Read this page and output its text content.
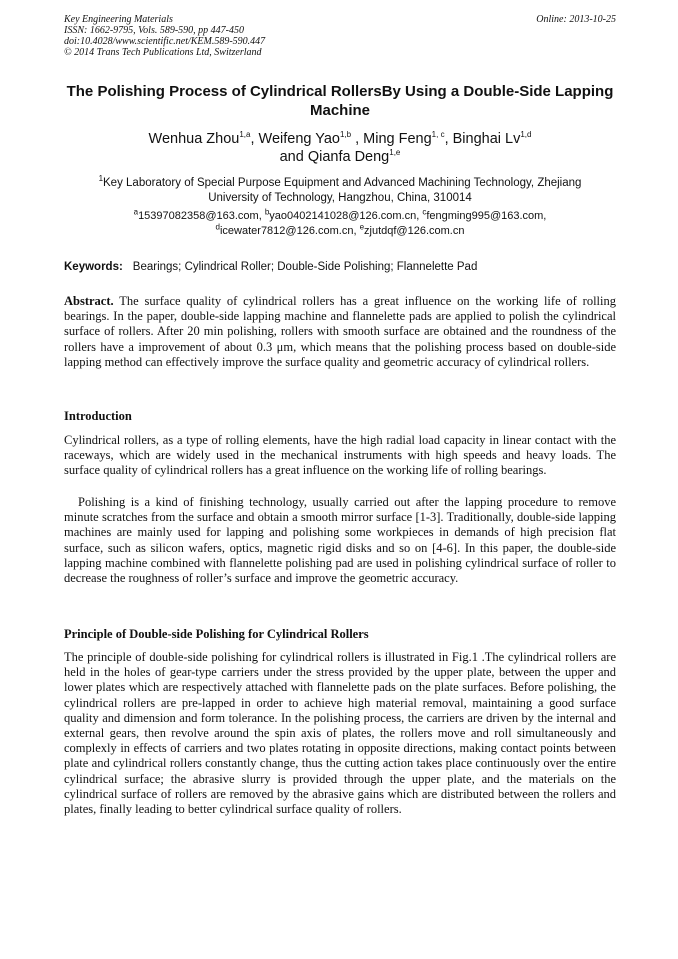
Key Engineering Materials
ISSN: 1662-9795, Vols. 589-590, pp 447-450
doi:10.4028/www.scientific.net/KEM.589-590.447
© 2014 Trans Tech Publications Ltd, Switzerland
Online: 2013-10-25
The Polishing Process of Cylindrical RollersBy Using a Double-Side Lapping Machine
Wenhua Zhou$^{1,a}$, Weifeng Yao$^{1,b}$ , Ming Feng$^{1, c}$, Binghai Lv$^{1,d}$
and Qianfa Deng$^{1,e}$
$^1$Key Laboratory of Special Purpose Equipment and Advanced Machining Technology, Zhejiang
University of Technology, Hangzhou, China, 310014
$^a$15397082358@163.com, $^b$yao0402141028@126.com.cn, $^c$fengming995@163.com,
$^d$icewater7812@126.com.cn, $^e$zjutdqf@126.com.cn
Keywords: Bearings; Cylindrical Roller; Double-Side Polishing; Flannelette Pad
Abstract. The surface quality of cylindrical rollers has a great influence on the working life of rolling bearings. In the paper, double-side lapping machine and flannelette pads are applied to polish the cylindrical surface of rollers. After 20 min polishing, rollers with smooth surface are obtained and the roundness of the rollers have a improvement of about 0.3 μm, which means that the polishing process based on double-side lapping method can effectively improve the surface quality and geometric accuracy of cylindrical rollers.
Introduction
Cylindrical rollers, as a type of rolling elements, have the high radial load capacity in linear contact with the raceways, which are widely used in the mechanical instruments with high speeds and heavy loads. The surface quality of cylindrical rollers has a great influence on the working life of rolling bearings.
Polishing is a kind of finishing technology, usually carried out after the lapping procedure to remove minute scratches from the surface and obtain a smooth mirror surface [1-3]. Traditionally, double-side lapping machines are mainly used for lapping and polishing some workpieces in demands of high precision flat surface, such as silicon wafers, optics, magnetic rigid disks and so on [4-6]. In this paper, the double-side lapping machine combined with flannelette polishing pad are used in polishing cylindrical surface of roller to decrease the roughness of roller’s surface and improve the geometric accuracy.
Principle of Double-side Polishing for Cylindrical Rollers
The principle of double-side polishing for cylindrical rollers is illustrated in Fig.1 .The cylindrical rollers are held in the holes of gear-type carriers under the stress provided by the upper plate, between the upper and lower plates which are respectively attached with flannelette pads on the plate surfaces. Before polishing, the cylindrical rollers are pre-lapped in order to achieve high material removal, maintaining a good surface quality and dimension and form tolerance. In the polishing process, the carriers are driven by the internal and external gears, then revolve around the spin axis of plates, the rollers move and roll simultaneously and complexly in effects of carriers and two plates rotating in opposite directions, making contact points between plate and cylindrical rollers constantly change, thus the cutting action takes place continuously over the entire cylindrical surface; the abrasive slurry is provided through the upper plate, and the materials on the cylindrical surface of rollers are removed by the abrasive gains which are distributed between the rollers and plates, finally leading to better cylindrical surface quality of rollers.
